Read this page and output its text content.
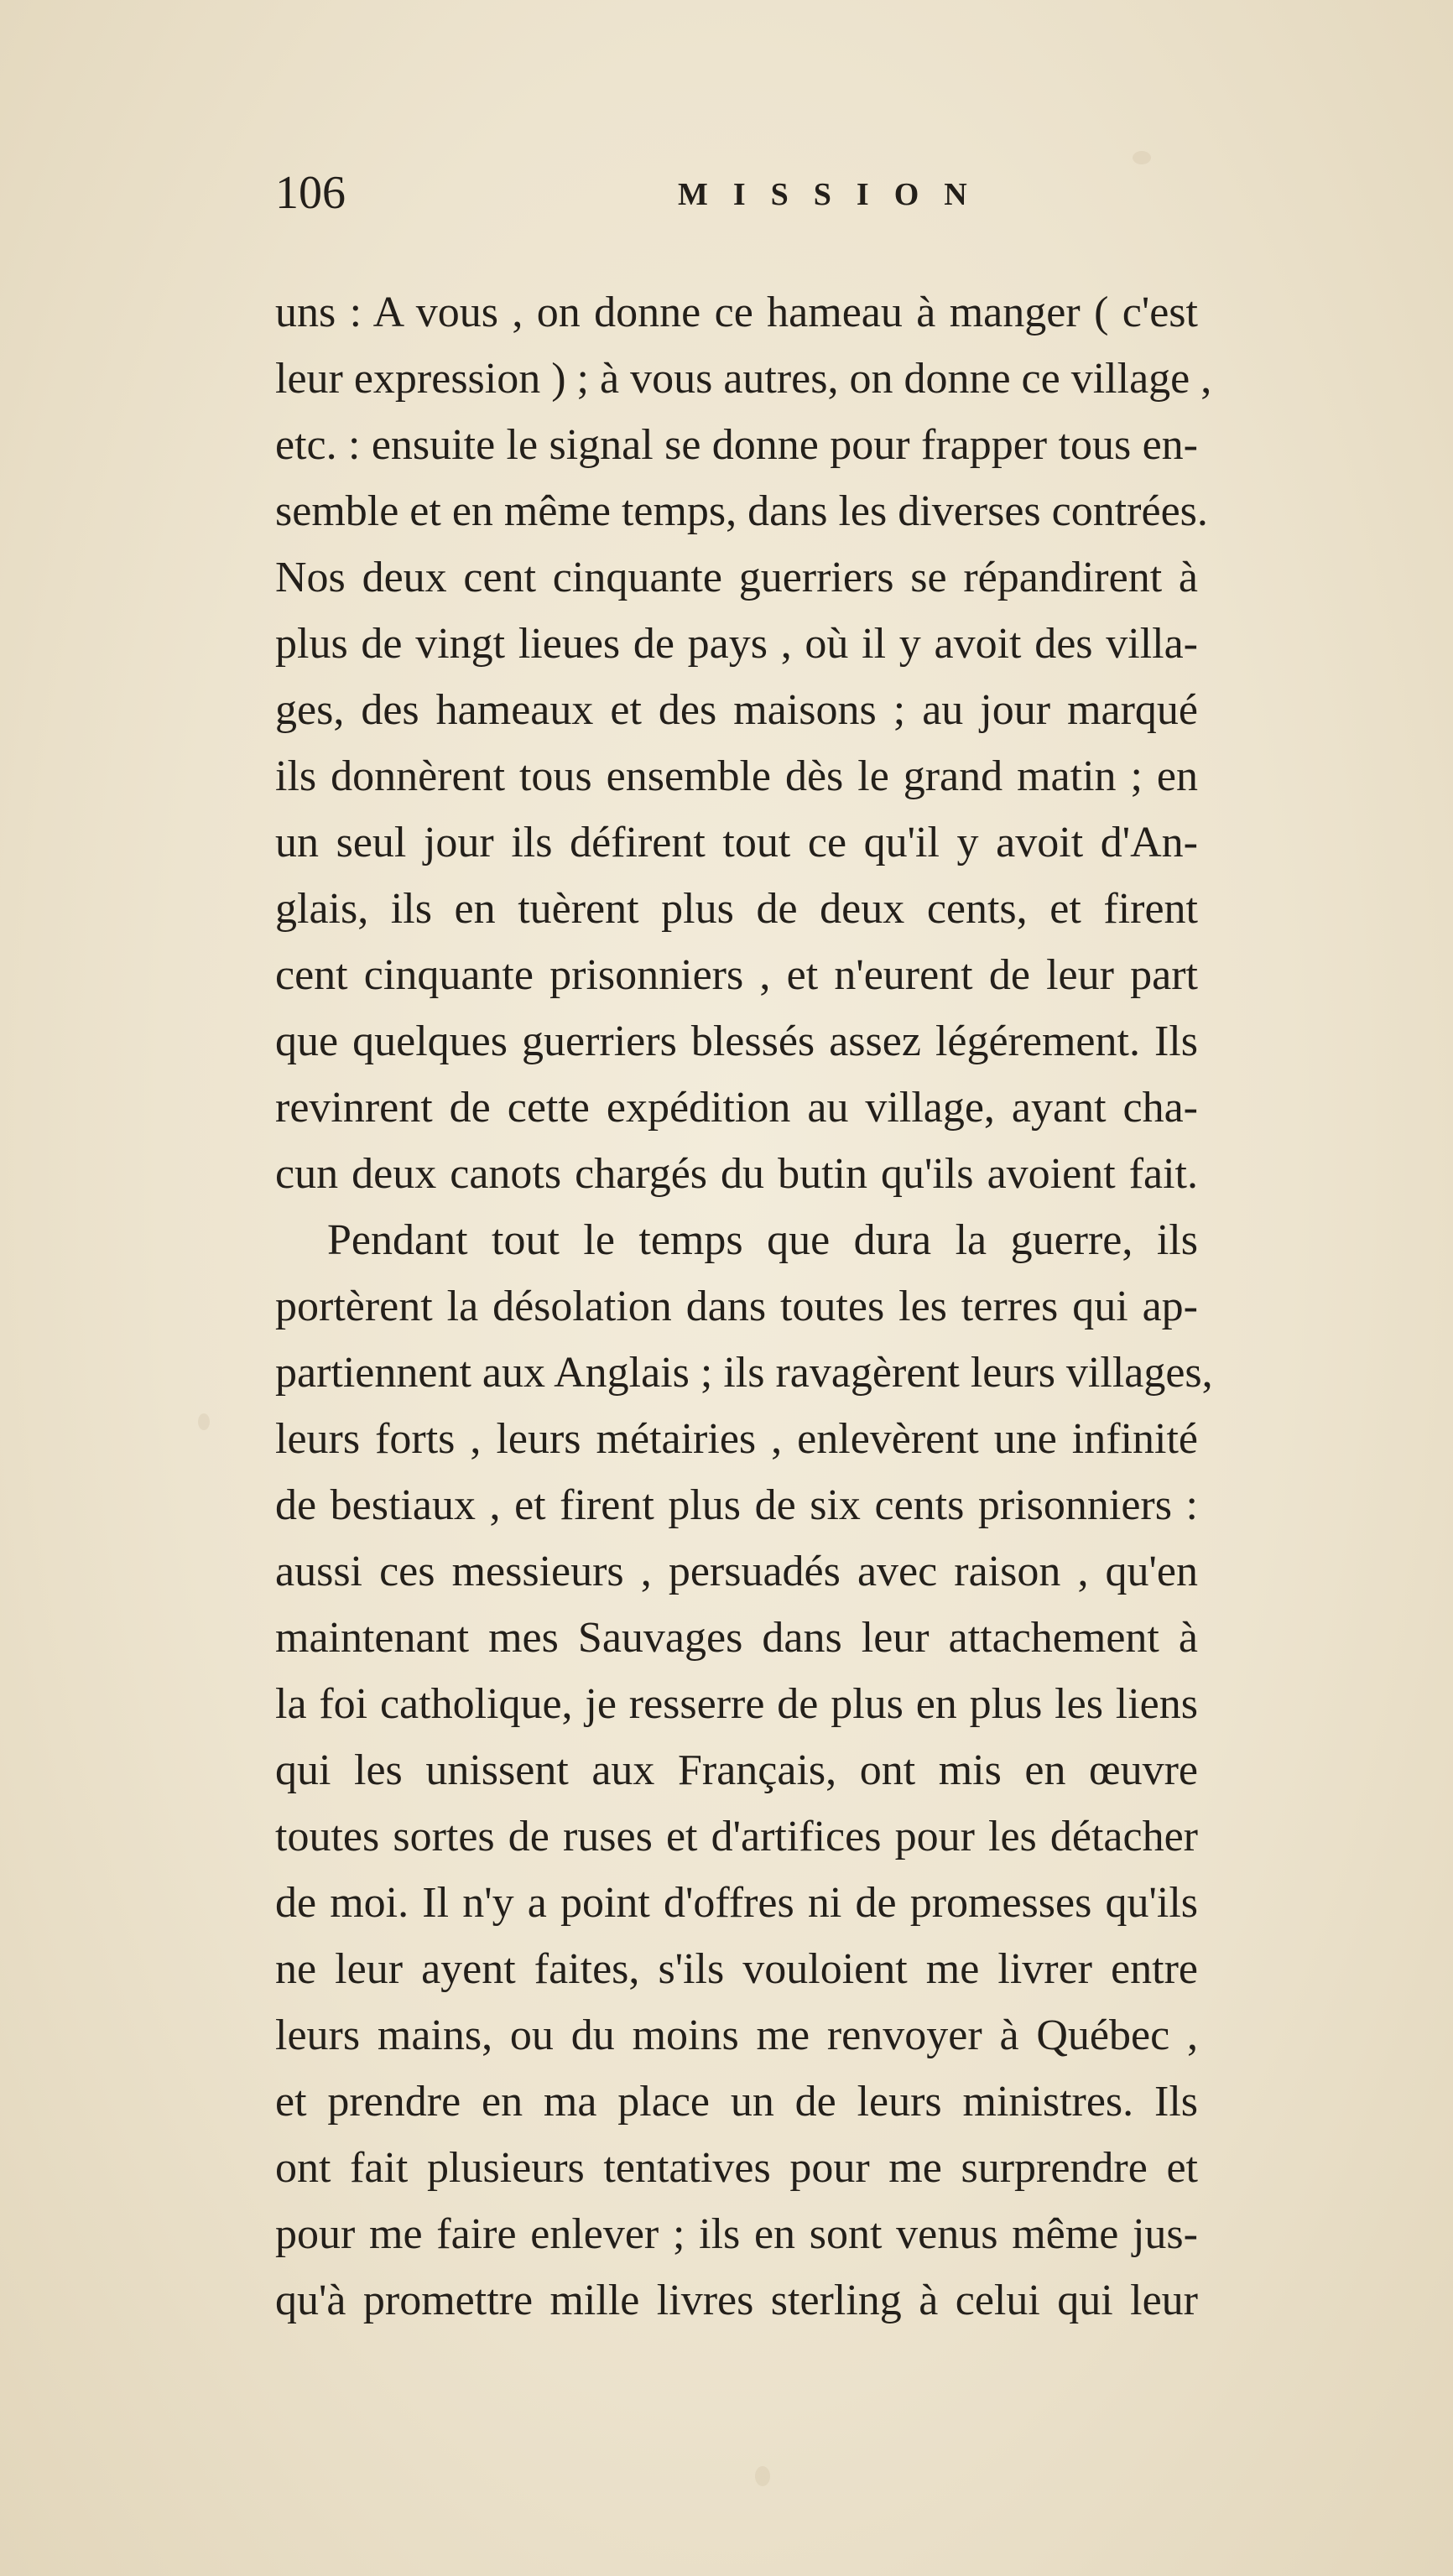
106	MISSION
uns : A vous , on donne ce hameau à manger ( c'est
leur expression ) ; à vous autres, on donne ce village ,
etc. : ensuite le signal se donne pour frapper tous en-
semble et en même temps, dans les diverses contrées.
Nos deux cent cinquante guerriers se répandirent à
plus de vingt lieues de pays , où il y avoit des villa-
ges, des hameaux et des maisons ; au jour marqué
ils donnèrent tous ensemble dès le grand matin ; en
un seul jour ils défirent tout ce qu'il y avoit d'An-
glais, ils en tuèrent plus de deux cents, et firent
cent cinquante prisonniers , et n'eurent de leur part
que quelques guerriers blessés assez légérement. Ils
revinrent de cette expédition au village, ayant cha-
cun deux canots chargés du butin qu'ils avoient fait.
Pendant tout le temps que dura la guerre, ils
portèrent la désolation dans toutes les terres qui ap-
partiennent aux Anglais ; ils ravagèrent leurs villages,
leurs forts , leurs métairies , enlevèrent une infinité
de bestiaux , et firent plus de six cents prisonniers :
aussi ces messieurs , persuadés avec raison , qu'en
maintenant mes Sauvages dans leur attachement à
la foi catholique, je resserre de plus en plus les liens
qui les unissent aux Français, ont mis en œuvre
toutes sortes de ruses et d'artifices pour les détacher
de moi. Il n'y a point d'offres ni de promesses qu'ils
ne leur ayent faites, s'ils vouloient me livrer entre
leurs mains, ou du moins me renvoyer à Québec ,
et prendre en ma place un de leurs ministres. Ils
ont fait plusieurs tentatives pour me surprendre et
pour me faire enlever ; ils en sont venus même jus-
qu'à promettre mille livres sterling à celui qui leur
